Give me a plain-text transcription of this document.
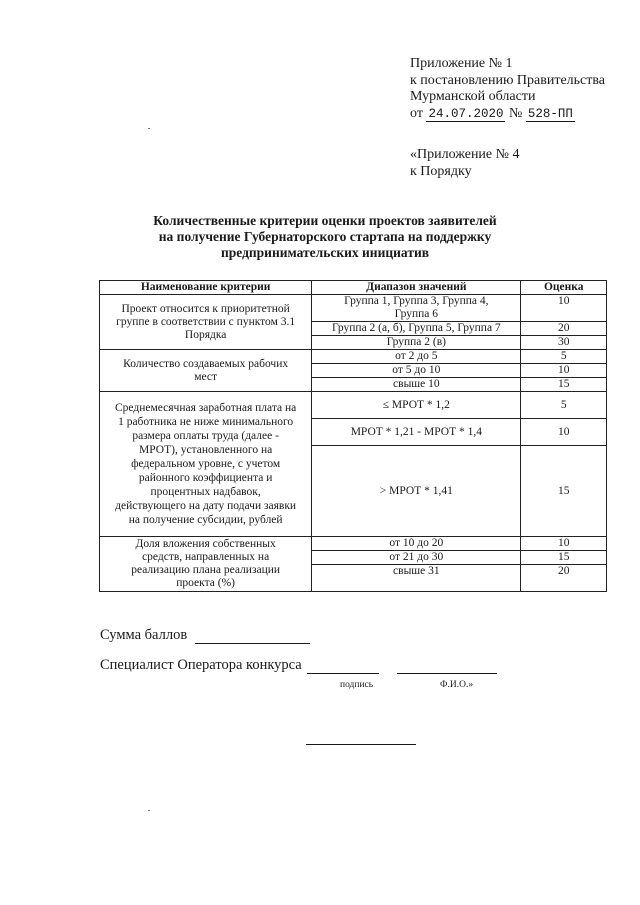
Приложение № 1
к постановлению Правительства
Мурманской области
от 24.07.2020 № 528-ПП
«Приложение № 4
к Порядку
Количественные критерии оценки проектов заявителей
на получение Губернаторского стартапа на поддержку
предпринимательских инициатив
Наименование критерии	Диапазон значений	Оценка
Проект относится к приоритетной группе в соответствии с пунктом 3.1 Порядка	Группа 1, Группа 3, Группа 4, Группа 6	10
	Группа 2 (а, б), Группа 5, Группа 7	20
	Группа 2 (в)	30
Количество создаваемых рабочих мест	от 2 до 5	5
	от 5 до 10	10
	свыше 10	15
Среднемесячная заработная плата на 1 работника не ниже минимального размера оплаты труда (далее - МРОТ), установленного на федеральном уровне, с учетом районного коэффициента и процентных надбавок, действующего на дату подачи заявки на получение субсидии, рублей	≤ МРОТ * 1,2	5
	МРОТ * 1,21 - МРОТ * 1,4	10
	> МРОТ * 1,41	15
Доля вложения собственных средств, направленных на реализацию плана реализации проекта (%)	от 10 до 20	10
	от 21 до 30	15
	свыше 31	20
Сумма баллов
Специалист Оператора конкурса
подпись	Ф.И.О.»
